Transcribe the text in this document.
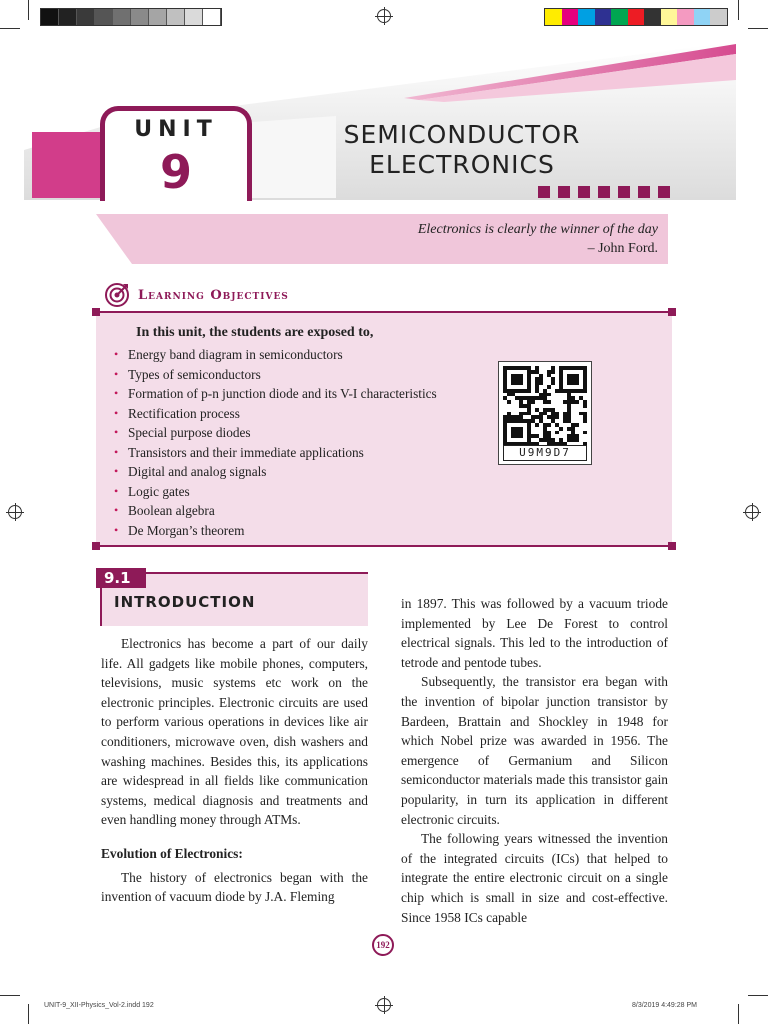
UNIT
9
SEMICONDUCTOR
ELECTRONICS
Electronics is clearly the winner of the day
– John Ford.
Learning Objectives
In this unit, the students are exposed to,
• Energy band diagram in semiconductors
• Types of semiconductors
• Formation of p-n junction diode and its V-I characteristics
• Rectification process
• Special purpose diodes
• Transistors and their immediate applications
• Digital and analog signals
• Logic gates
• Boolean algebra
• De Morgan’s theorem
U9M9D7
9.1
INTRODUCTION

Electronics has become a part of our daily life. All gadgets like mobile phones, computers, televisions, music systems etc work on the electronic principles. Electronic circuits are used to perform various operations in devices like air conditioners, microwave oven, dish washers and washing machines. Besides this, its applications are widespread in all fields like communication systems, medical diagnosis and treatments and even handling money through ATMs.

Evolution of Electronics:

The history of electronics began with the invention of vacuum diode by J.A. Fleming

in 1897. This was followed by a vacuum triode implemented by Lee De Forest to control electrical signals. This led to the introduction of tetrode and pentode tubes.

Subsequently, the transistor era began with the invention of bipolar junction transistor by Bardeen, Brattain and Shockley in 1948 for which Nobel prize was awarded in 1956. The emergence of Germanium and Silicon semiconductor materials made this transistor gain popularity, in turn its application in different electronic circuits.

The following years witnessed the invention of the integrated circuits (ICs) that helped to integrate the entire electronic circuit on a single chip which is small in size and cost-effective. Since 1958 ICs capable

192
UNIT-9_XII-Physics_Vol-2.indd 192	8/3/2019 4:49:28 PM
